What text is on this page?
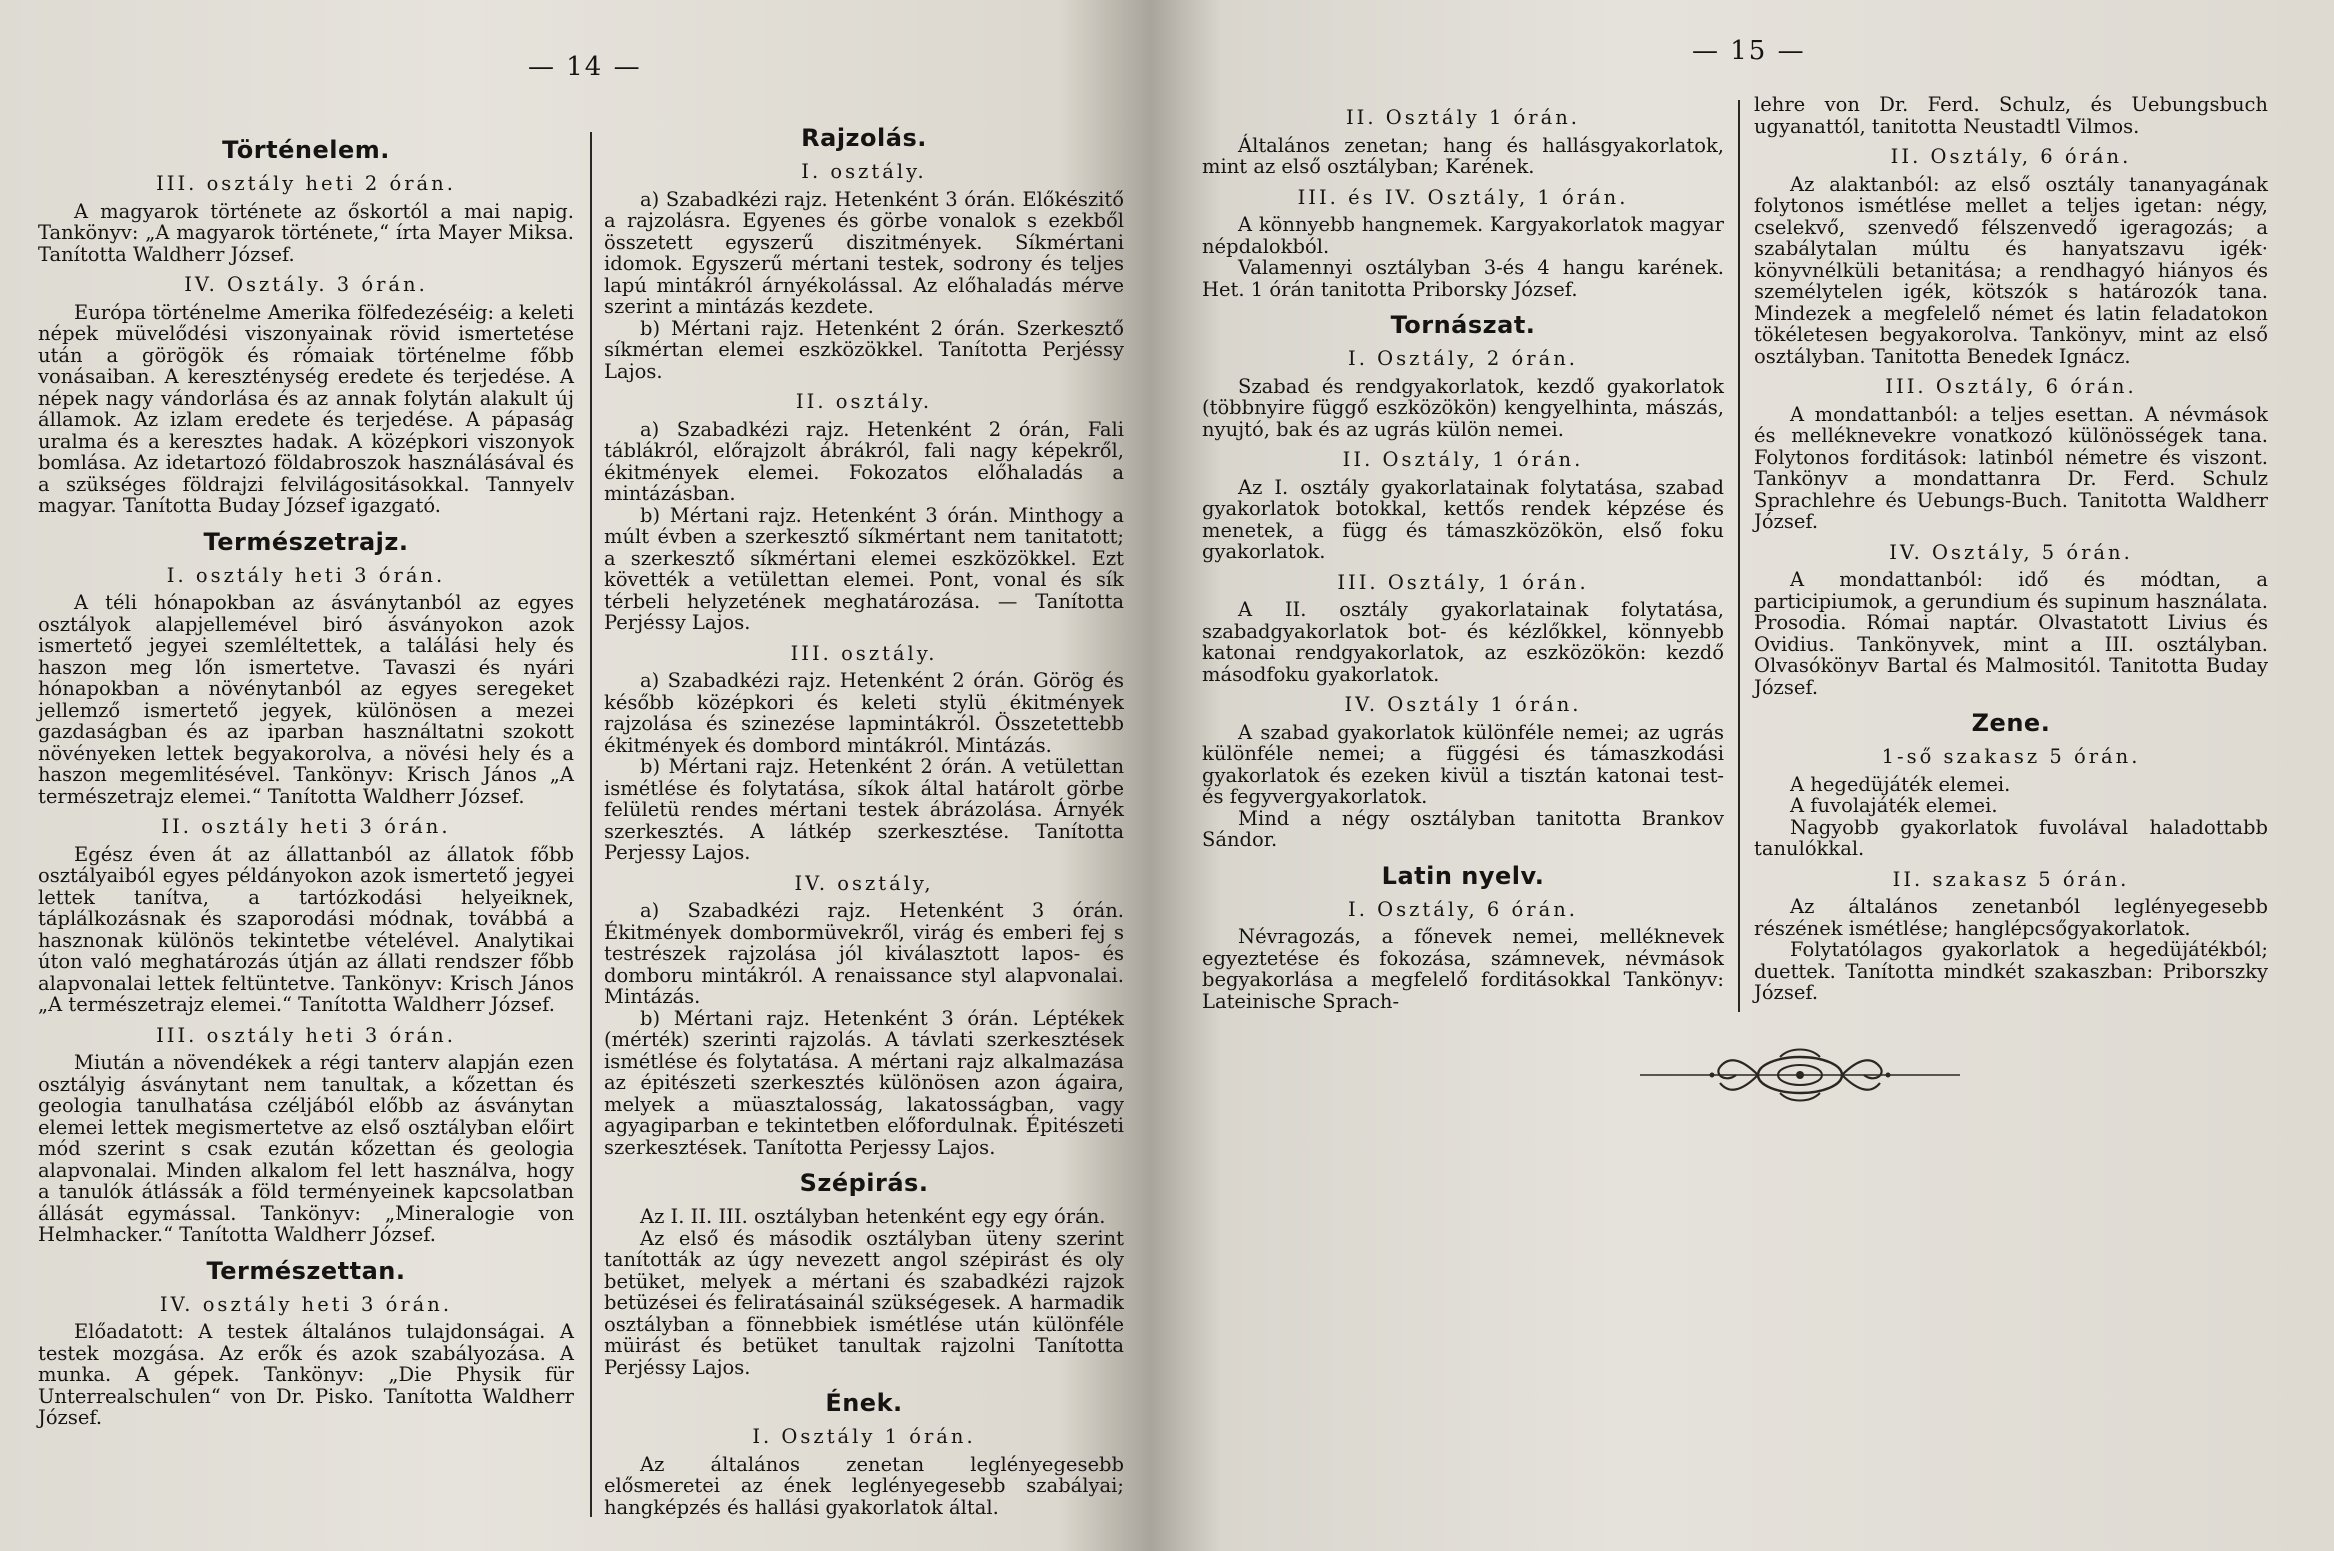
— 14 —
Történelem.

III. osztály heti 2 órán.

A magyarok története az őskortól a mai napig. Tankönyv: „A magyarok története,“ írta Mayer Miksa. Tanította Waldherr József.

IV. Osztály. 3 órán.

Európa történelme Amerika fölfedezéséig: a keleti népek müvelődési viszonyainak rövid ismertetése után a görögök és rómaiak történelme főbb vonásaiban. A kereszténység eredete és terjedése. A népek nagy vándorlása és az annak folytán alakult új államok. Az izlam eredete és terjedése. A pápaság uralma és a keresztes hadak. A középkori viszonyok bomlása. Az idetartozó földabroszok használásával és a szükséges földrajzi felvilágositásokkal. Tannyelv magyar. Tanította Buday József igazgató.

Természetrajz.

I. osztály heti 3 órán.

A téli hónapokban az ásványtanból az egyes osztályok alapjellemével biró ásványokon azok ismertető jegyei szemléltettek, a találási hely és haszon meg lőn ismertetve. Tavaszi és nyári hónapokban a növénytanból az egyes seregeket jellemző ismertető jegyek, különösen a mezei gazdaságban és az iparban használtatni szokott növényeken lettek begyakorolva, a növési hely és a haszon megemlitésével. Tankönyv: Krisch János „A természetrajz elemei.“ Tanította Waldherr József.

II. osztály heti 3 órán.

Egész éven át az állattanból az állatok főbb osztályaiból egyes példányokon azok ismertető jegyei lettek tanítva, a tartózkodási helyeiknek, táplálkozásnak és szaporodási módnak, továbbá a hasznonak különös tekintetbe vételével. Analytikai úton való meghatározás útján az állati rendszer főbb alapvonalai lettek feltüntetve. Tankönyv: Krisch János „A természetrajz elemei.“ Tanította Waldherr József.

III. osztály heti 3 órán.

Miután a növendékek a régi tanterv alapján ezen osztályig ásványtant nem tanultak, a kőzettan és geologia tanulhatása czéljából előbb az ásványtan elemei lettek megismertetve az első osztályban előirt mód szerint s csak ezután kőzettan és geologia alapvonalai. Minden alkalom fel lett használva, hogy a tanulók átlássák a föld terményeinek kapcsolatban állását egymással. Tankönyv: „Mineralogie von Helmhacker.“ Tanította Waldherr József.

Természettan.

IV. osztály heti 3 órán.

Előadatott: A testek általános tulajdonságai. A testek mozgása. Az erők és azok szabályozása. A munka. A gépek. Tankönyv: „Die Physik für Unterrealschulen“ von Dr. Pisko. Tanította Waldherr József.

Rajzolás.

I. osztály.

a) Szabadkézi rajz. Hetenként 3 órán. Előkészitő a rajzolásra. Egyenes és görbe vonalok s ezekből összetett egyszerű diszitmények. Síkmértani idomok. Egyszerű mértani testek, sodrony és teljes lapú mintákról árnyékolással. Az előhaladás mérve szerint a mintázás kezdete.

b) Mértani rajz. Hetenként 2 órán. Szerkesztő síkmértan elemei eszközökkel. Tanította Perjéssy Lajos.

II. osztály.

a) Szabadkézi rajz. Hetenként 2 órán, Fali táblákról, előrajzolt ábrákról, fali nagy képekről, ékitmények elemei. Fokozatos előhaladás a mintázásban.

b) Mértani rajz. Hetenként 3 órán. Minthogy a múlt évben a szerkesztő síkmértant nem tanitatott; a szerkesztő síkmértani elemei eszközökkel. Ezt követték a vetülettan elemei. Pont, vonal és sík térbeli helyzetének meghatározása. — Tanította Perjéssy Lajos.

III. osztály.

a) Szabadkézi rajz. Hetenként 2 órán. Görög és később középkori és keleti stylü ékitmények rajzolása és szinezése lapmintákról. Összetettebb ékitmények és dombord mintákról. Mintázás.

b) Mértani rajz. Hetenként 2 órán. A vetülettan ismétlése és folytatása, síkok által határolt görbe felületü rendes mértani testek ábrázolása. Árnyék szerkesztés. A látkép szerkesztése. Tanította Perjessy Lajos.

IV. osztály,

a) Szabadkézi rajz. Hetenként 3 órán. Ékitmények dombormüvekről, virág és emberi fej s testrészek rajzolása jól kiválasztott lapos- és domboru mintákról. A renaissance styl alapvonalai. Mintázás.

b) Mértani rajz. Hetenként 3 órán. Léptékek (mérték) szerinti rajzolás. A távlati szerkesztések ismétlése és folytatása. A mértani rajz alkalmazása az épitészeti szerkesztés különösen azon ágaira, melyek a müasztalosság, lakatosságban, vagy agyagiparban e tekintetben előfordulnak. Épitészeti szerkesztések. Tanította Perjessy Lajos.

Szépirás.

Az I. II. III. osztályban hetenként egy egy órán.

Az első és második osztályban üteny szerint tanították az úgy nevezett angol szépirást és oly betüket, melyek a mértani és szabadkézi rajzok betüzései és feliratásainál szükségesek. A harmadik osztályban a fönnebbiek ismétlése után különféle müirást és betüket tanultak rajzolni Tanította Perjéssy Lajos.

Ének.

I. Osztály 1 órán.

Az általános zenetan leglényegesebb elősmeretei az ének leglényegesebb szabályai; hangképzés és hallási gyakorlatok által.

— 15 —

II. Osztály 1 órán.

Általános zenetan; hang és hallásgyakorlatok, mint az első osztályban; Karének.

III. és IV. Osztály, 1 órán.

A könnyebb hangnemek. Kargyakorlatok magyar népdalokból.

Valamennyi osztályban 3-és 4 hangu karének. Het. 1 órán tanitotta Priborsky József.

Tornászat.

I. Osztály, 2 órán.

Szabad és rendgyakorlatok, kezdő gyakorlatok (többnyire függő eszközökön) kengyelhinta, mászás, nyujtó, bak és az ugrás külön nemei.

II. Osztály, 1 órán.

Az I. osztály gyakorlatainak folytatása, szabad gyakorlatok botokkal, kettős rendek képzése és menetek, a függ és támaszközökön, első foku gyakorlatok.

III. Osztály, 1 órán.

A II. osztály gyakorlatainak folytatása, szabadgyakorlatok bot- és kézlőkkel, könnyebb katonai rendgyakorlatok, az eszközökön: kezdő másodfoku gyakorlatok.

IV. Osztály 1 órán.

A szabad gyakorlatok különféle nemei; az ugrás különféle nemei; a függési és támaszkodási gyakorlatok és ezeken kivül a tisztán katonai test- és fegyvergyakorlatok.

Mind a négy osztályban tanitotta Brankov Sándor.

Latin nyelv.

I. Osztály, 6 órán.

Névragozás, a főnevek nemei, melléknevek egyeztetése és fokozása, számnevek, névmások begyakorlása a megfelelő forditásokkal Tankönyv: Lateinische Sprach-

lehre von Dr. Ferd. Schulz, és Uebungsbuch ugyanattól, tanitotta Neustadtl Vilmos.

II. Osztály, 6 órán.

Az alaktanból: az első osztály tananyagának folytonos ismétlése mellet a teljes igetan: négy, cselekvő, szenvedő félszenvedő igeragozás; a szabálytalan múltu és hanyatszavu igék· könyvnélküli betanitása; a rendhagyó hiányos és személytelen igék, kötszók s határozók tana. Mindezek a megfelelő német és latin feladatokon tökéletesen begyakorolva. Tankönyv, mint az első osztályban. Tanitotta Benedek Ignácz.

III. Osztály, 6 órán.

A mondattanból: a teljes esettan. A névmások és melléknevekre vonatkozó különösségek tana. Folytonos forditások: latinból németre és viszont. Tankönyv a mondattanra Dr. Ferd. Schulz Sprachlehre és Uebungs-Buch. Tanitotta Waldherr József.

IV. Osztály, 5 órán.

A mondattanból: idő és módtan, a participiumok, a gerundium és supinum használata. Prosodia. Római naptár. Olvastatott Livius és Ovidius. Tankönyvek, mint a III. osztályban. Olvasókönyv Bartal és Malmositól. Tanitotta Buday József.

Zene.

1-ső szakasz 5 órán.

A hegedüjáték elemei.

A fuvolajáték elemei.

Nagyobb gyakorlatok fuvolával haladottabb tanulókkal.

II. szakasz 5 órán.

Az általános zenetanból leglényegesebb részének ismétlése; hanglépcsőgyakorlatok.

Folytatólagos gyakorlatok a hegedüjátékból; duettek. Tanította mindkét szakaszban: Priborszky József.
